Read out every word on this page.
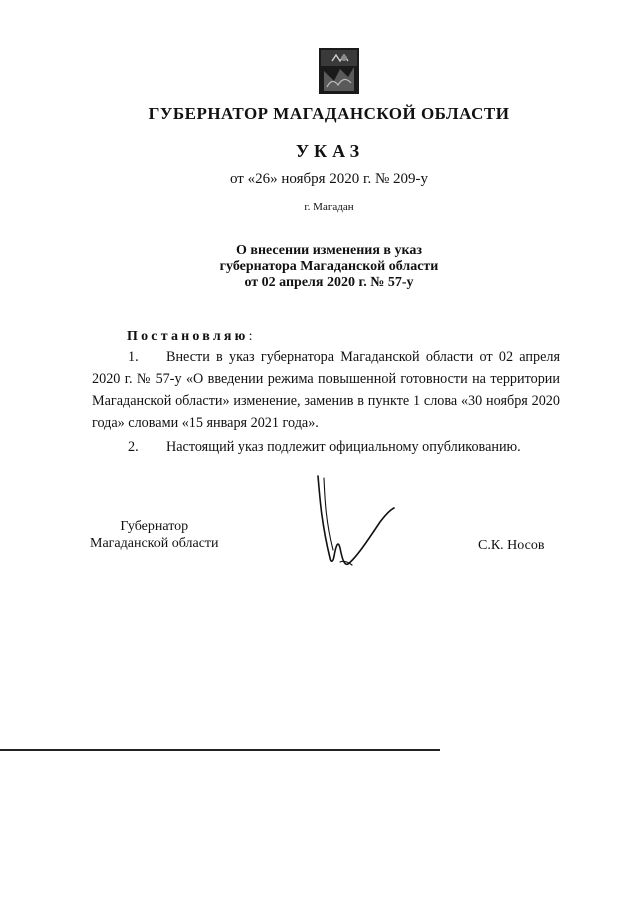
ГУБЕРНАТОР МАГАДАНСКОЙ ОБЛАСТИ
УКАЗ
от «26» ноября 2020 г. № 209-у
г. Магадан
О внесении изменения в указ
губернатора Магаданской области
от 02 апреля 2020 г. № 57-у
Постановляю:
1. Внести в указ губернатора Магаданской области от 02 апреля 2020 г. № 57-у «О введении режима повышенной готовности на территории Магаданской области» изменение, заменив в пункте 1 слова «30 ноября 2020 года» словами «15 января 2021 года».
2. Настоящий указ подлежит официальному опубликованию.
Губернатор
Магаданской области	С.К. Носов
